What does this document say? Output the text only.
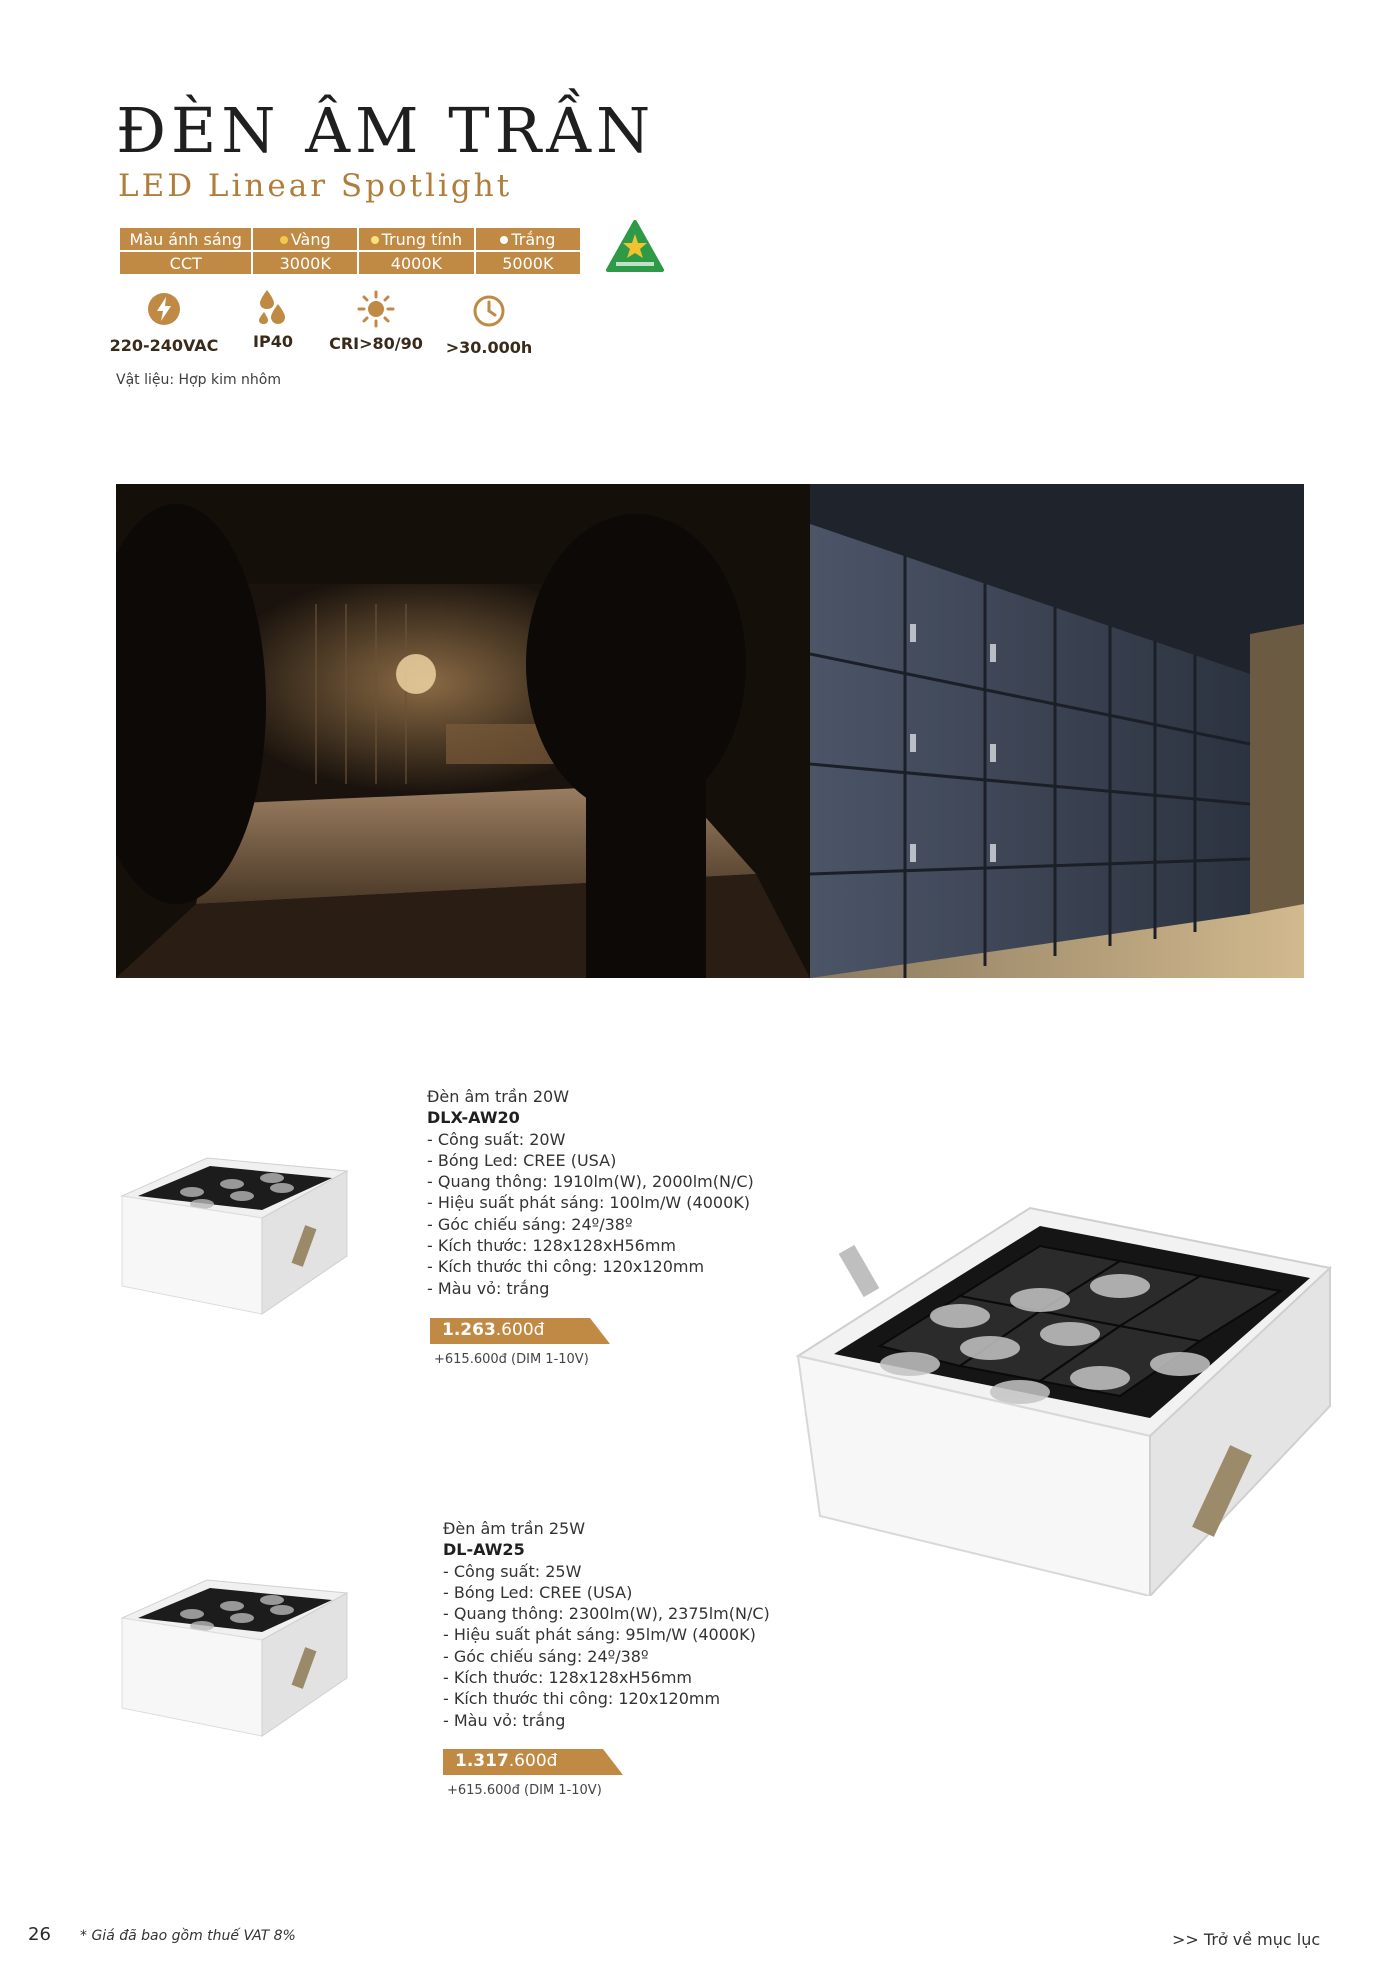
ĐÈN ÂM TRẦN
LED Linear Spotlight
Màu ánh sáng	Vàng	Trung tính	Trắng
CCT	3000K	4000K	5000K
220-240VAC	IP40	CRI>80/90	>30.000h
Vật liệu: Hợp kim nhôm
Đèn âm trần 20W
DLX-AW20
- Công suất: 20W
- Bóng Led: CREE (USA)
- Quang thông: 1910lm(W), 2000lm(N/C)
- Hiệu suất phát sáng: 100lm/W (4000K)
- Góc chiếu sáng: 24º/38º
- Kích thước: 128x128xH56mm
- Kích thước thi công: 120x120mm
- Màu vỏ: trắng
1.263.600đ
+615.600đ (DIM 1-10V)
Đèn âm trần 25W
DL-AW25
- Công suất: 25W
- Bóng Led: CREE (USA)
- Quang thông: 2300lm(W), 2375lm(N/C)
- Hiệu suất phát sáng: 95lm/W (4000K)
- Góc chiếu sáng: 24º/38º
- Kích thước: 128x128xH56mm
- Kích thước thi công: 120x120mm
- Màu vỏ: trắng
1.317.600đ
+615.600đ (DIM 1-10V)
26 * Giá đã bao gồm thuế VAT 8%	>> Trở về mục lục
